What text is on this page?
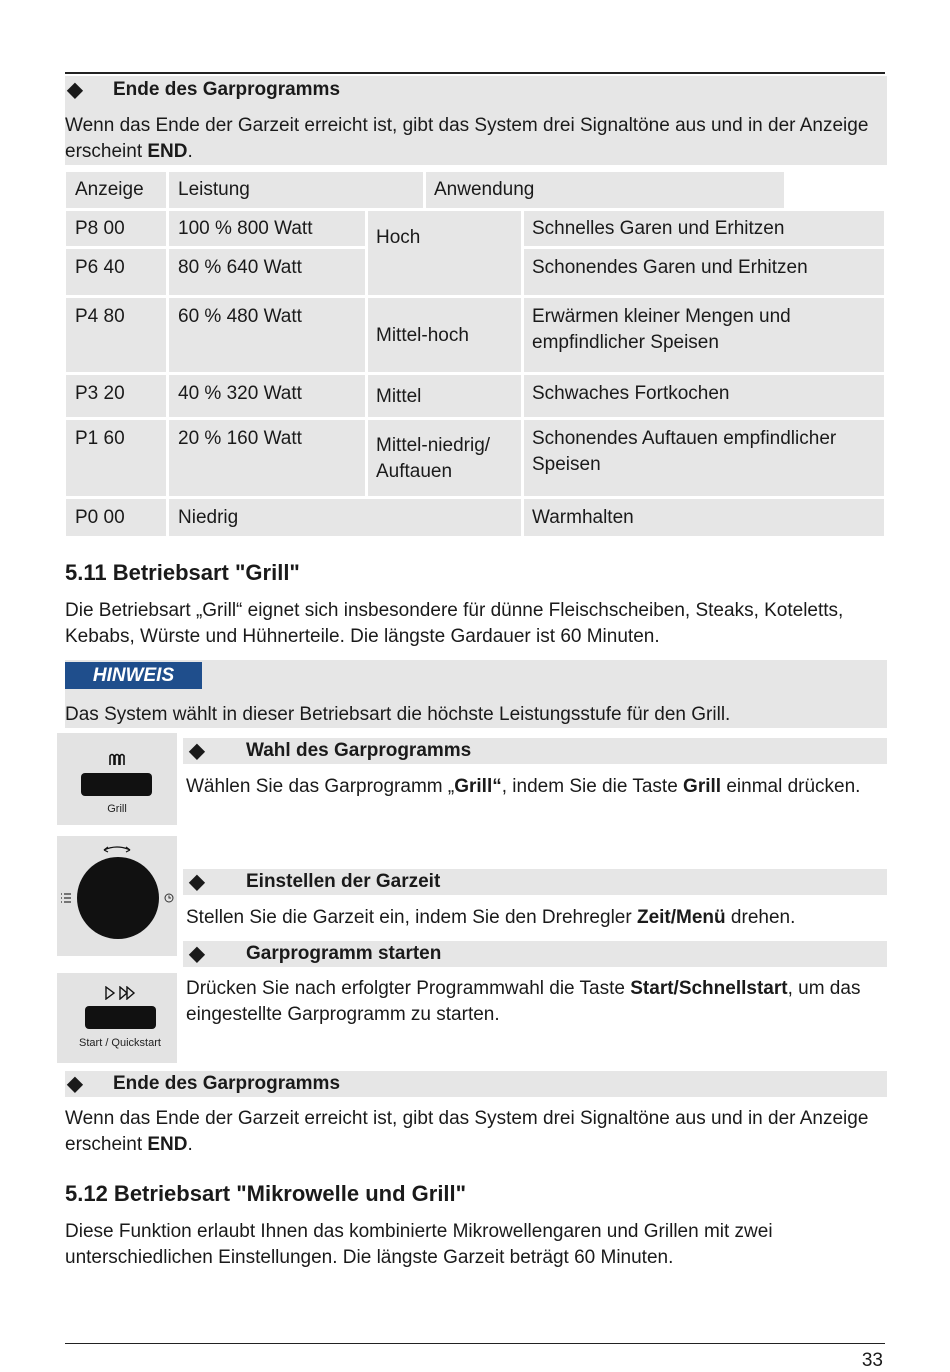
◆ Ende des Garprogramms
Wenn das Ende der Garzeit erreicht ist, gibt das System drei Signaltöne aus und in der Anzeige erscheint END.
Anzeige	Leistung	Anwendung
P8 00
P6 40
P4 80
P3 20
P1 60
P0 00
100 % 800 Watt
80 % 640 Watt
60 % 480 Watt
40 % 320 Watt
20 % 160 Watt
Niedrig
Hoch
Mittel-hoch
Mittel
Mittel-niedrig/ Auftauen
Schnelles Garen und Erhitzen
Schonendes Garen und Erhitzen
Erwärmen kleiner Mengen und empfindlicher Speisen
Schwaches Fortkochen
Schonendes Auftauen empfindlicher Speisen
Warmhalten
5.11 Betriebsart "Grill"
Die Betriebsart „Grill“ eignet sich insbesondere für dünne Fleischscheiben, Steaks, Koteletts, Kebabs, Würste und Hühnerteile. Die längste Gardauer ist 60 Minuten.
HINWEIS
Das System wählt in dieser Betriebsart die höchste Leistungsstufe für den Grill.
Grill
◆ Wahl des Garprogramms
Wählen Sie das Garprogramm „Grill“, indem Sie die Taste Grill einmal drücken.
◆ Einstellen der Garzeit
Stellen Sie die Garzeit ein, indem Sie den Drehregler Zeit/Menü drehen.
◆ Garprogramm starten
Start / Quickstart
Drücken Sie nach erfolgter Programmwahl die Taste Start/Schnellstart, um das eingestellte Garprogramm zu starten.
◆ Ende des Garprogramms
Wenn das Ende der Garzeit erreicht ist, gibt das System drei Signaltöne aus und in der Anzeige erscheint END.
5.12 Betriebsart "Mikrowelle und Grill"
Diese Funktion erlaubt Ihnen das kombinierte Mikrowellengaren und Grillen mit zwei unterschiedlichen Einstellungen. Die längste Garzeit beträgt 60 Minuten.
33
